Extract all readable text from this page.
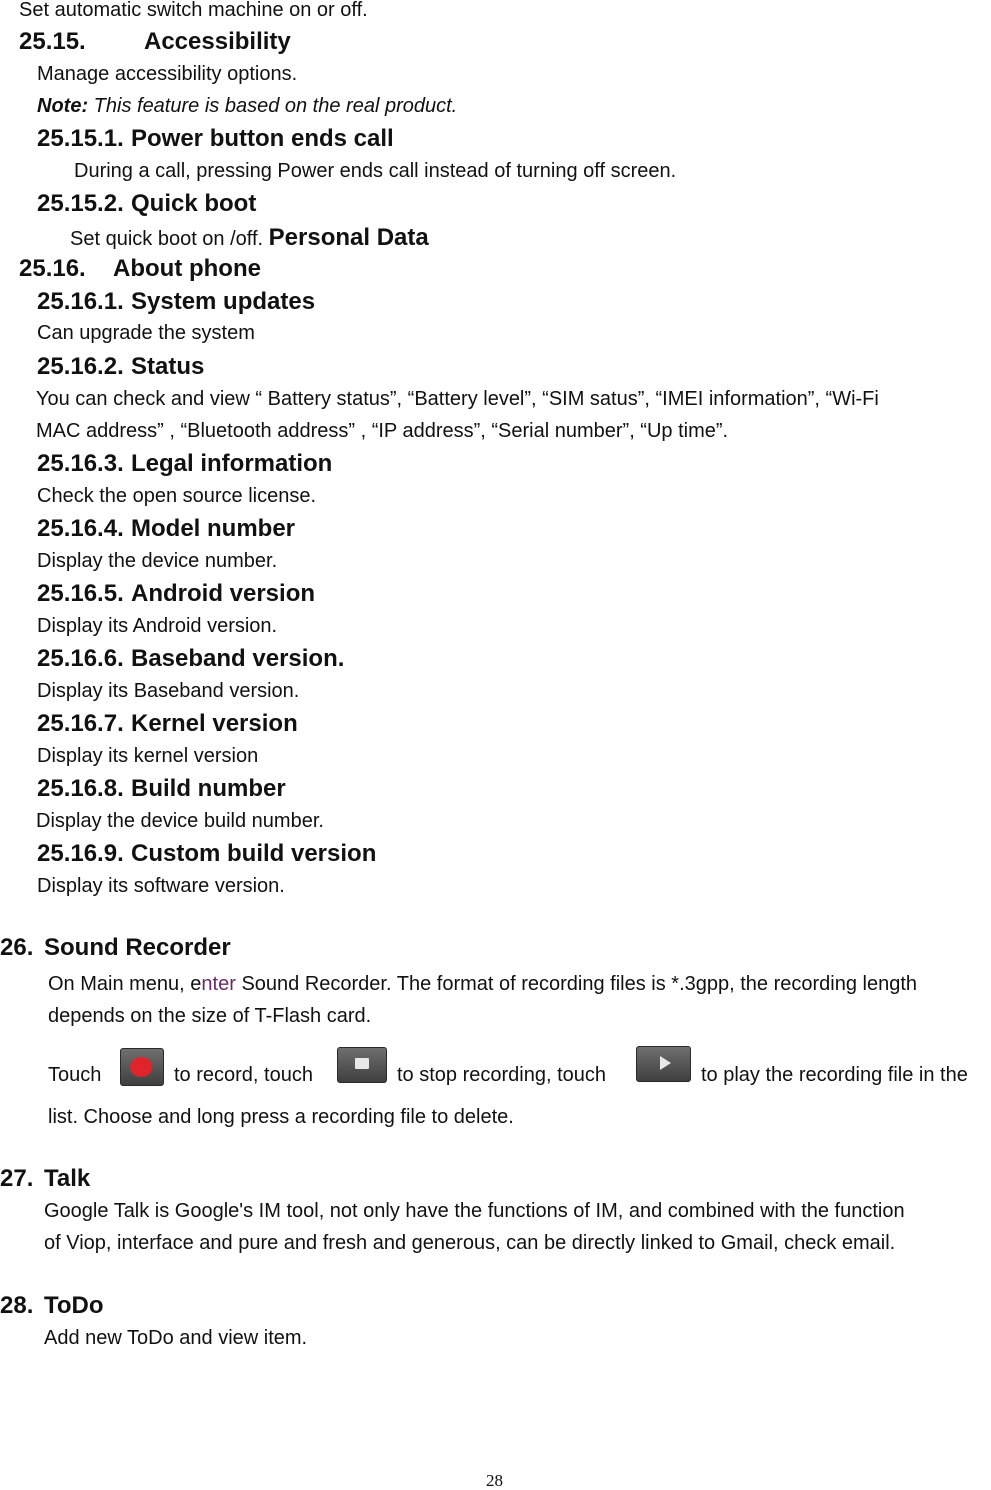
Set automatic switch machine on or off.
25.15. Accessibility
Manage accessibility options.
Note: This feature is based on the real product.
25.15.1. Power button ends call
During a call, pressing Power ends call instead of turning off screen.
25.15.2. Quick boot
Set quick boot on /off. Personal Data
25.16. About phone
25.16.1. System updates
Can upgrade the system
25.16.2. Status
You can check and view “ Battery status”, “Battery level”, “SIM satus”, “IMEI information”, “Wi-Fi
MAC address” , “Bluetooth address” , “IP address”, “Serial number”, “Up time”.
25.16.3. Legal information
Check the open source license.
25.16.4. Model number
Display the device number.
25.16.5. Android version
Display its Android version.
25.16.6. Baseband version.
Display its Baseband version.
25.16.7. Kernel version
Display its kernel version
25.16.8. Build number
Display the device build number.
25.16.9. Custom build version
Display its software version.
26. Sound Recorder
On Main menu, enter Sound Recorder. The format of recording files is *.3gpp, the recording length
depends on the size of T-Flash card.
Touch	to record, touch	to stop recording, touch	to play the recording file in the
list. Choose and long press a recording file to delete.
27. Talk
Google Talk is Google's IM tool, not only have the functions of IM, and combined with the function
of Viop, interface and pure and fresh and generous, can be directly linked to Gmail, check email.
28. ToDo
Add new ToDo and view item.
28
